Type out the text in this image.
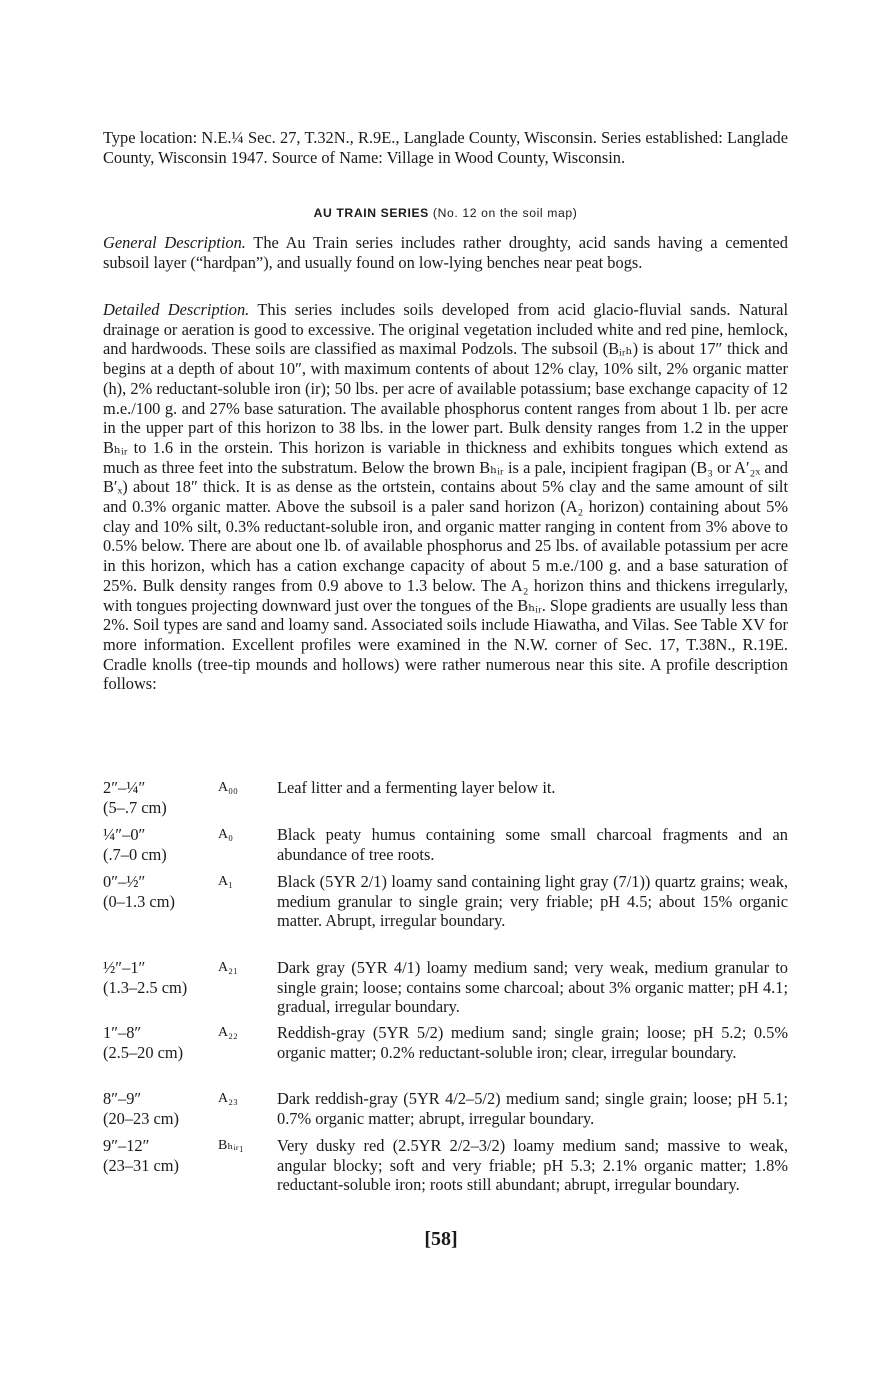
Type location: N.E.¼ Sec. 27, T.32N., R.9E., Langlade County, Wisconsin. Series established: Langlade County, Wisconsin 1947. Source of Name: Village in Wood County, Wisconsin.

AU TRAIN SERIES (No. 12 on the soil map)

General Description. The Au Train series includes rather droughty, acid sands having a cemented subsoil layer (“hardpan”), and usually found on low-lying benches near peat bogs.

Detailed Description. This series includes soils developed from acid glacio-fluvial sands. Natural drainage or aeration is good to excessive. The original vegetation included white and red pine, hemlock, and hardwoods. These soils are classified as maximal Podzols. The subsoil (Bᵢᵣₕ) is about 17″ thick and begins at a depth of about 10″, with maximum contents of about 12% clay, 10% silt, 2% organic matter (h), 2% reductant-soluble iron (ir); 50 lbs. per acre of available potassium; base exchange capacity of 12 m.e./100 g. and 27% base saturation. The available phosphorus content ranges from about 1 lb. per acre in the upper part of this horizon to 38 lbs. in the lower part. Bulk density ranges from 1.2 in the upper Bₕᵢᵣ to 1.6 in the orstein. This horizon is variable in thickness and exhibits tongues which extend as much as three feet into the substratum. Below the brown Bₕᵢᵣ is a pale, incipient fragipan (B₃ or A′₂ₓ and B′ₓ) about 18″ thick. It is as dense as the ortstein, contains about 5% clay and the same amount of silt and 0.3% organic matter. Above the subsoil is a paler sand horizon (A₂ horizon) containing about 5% clay and 10% silt, 0.3% reductant-soluble iron, and organic matter ranging in content from 3% above to 0.5% below. There are about one lb. of available phosphorus and 25 lbs. of available potassium per acre in this horizon, which has a cation exchange capacity of about 5 m.e./100 g. and a base saturation of 25%. Bulk density ranges from 0.9 above to 1.3 below. The A₂ horizon thins and thickens irregularly, with tongues projecting downward just over the tongues of the Bₕᵢᵣ. Slope gradients are usually less than 2%. Soil types are sand and loamy sand. Associated soils include Hiawatha, and Vilas. See Table XV for more information. Excellent profiles were examined in the N.W. corner of Sec. 17, T.38N., R.19E. Cradle knolls (tree-tip mounds and hollows) were rather numerous near this site. A profile description follows:

2″–¼″
(5–.7 cm)
A₀₀	Leaf litter and a fermenting layer below it.
¼″–0″
(.7–0 cm)
A₀	Black peaty humus containing some small charcoal fragments and an abundance of tree roots.
0″–½″
(0–1.3 cm)
A₁	Black (5YR 2/1) loamy sand containing light gray (7/1)) quartz grains; weak, medium granular to single grain; very friable; pH 4.5; about 15% organic matter. Abrupt, irregular boundary.
½″–1″
(1.3–2.5 cm)
A₂₁	Dark gray (5YR 4/1) loamy medium sand; very weak, medium granular to single grain; loose; contains some charcoal; about 3% organic matter; pH 4.1; gradual, irregular boundary.
1″–8″
(2.5–20 cm)
A₂₂	Reddish-gray (5YR 5/2) medium sand; single grain; loose; pH 5.2; 0.5% organic matter; 0.2% reductant-soluble iron; clear, irregular boundary.
8″–9″
(20–23 cm)
A₂₃	Dark reddish-gray (5YR 4/2–5/2) medium sand; single grain; loose; pH 5.1; 0.7% organic matter; abrupt, irregular boundary.
9″–12″
(23–31 cm)
Bₕᵢᵣ₁	Very dusky red (2.5YR 2/2–3/2) loamy medium sand; massive to weak, angular blocky; soft and very friable; pH 5.3; 2.1% organic matter; 1.8% reductant-soluble iron; roots still abundant; abrupt, irregular boundary.
[58]
